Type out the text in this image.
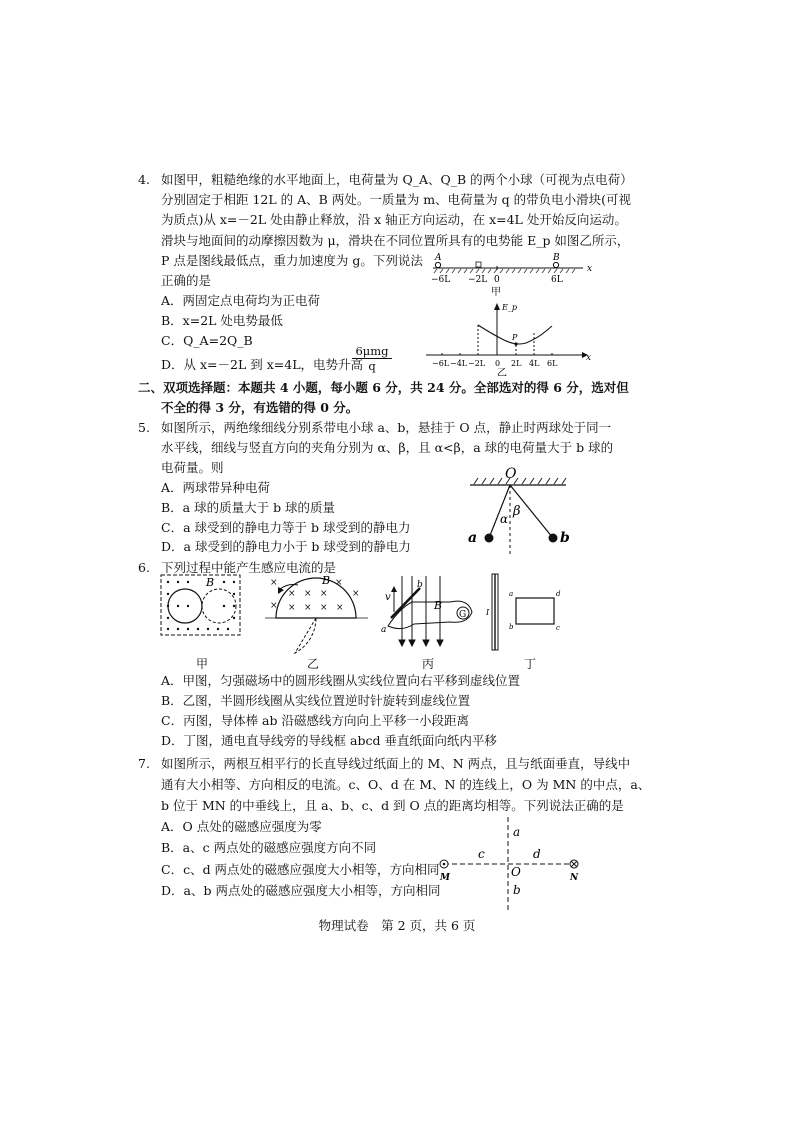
4. 如图甲，粗糙绝缘的水平地面上，电荷量为 Q_A、Q_B 的两个小球（可视为点电荷）
分别固定于相距 12L 的 A、B 两处。一质量为 m、电荷量为 q 的带负电小滑块(可视
为质点)从 x=－2L 处由静止释放，沿 x 轴正方向运动，在 x=4L 处开始反向运动。
滑块与地面间的动摩擦因数为 μ，滑块在不同位置所具有的电势能 E_p 如图乙所示，
P 点是图线最低点，重力加速度为 g。下列说法
正确的是
A．两固定点电荷均为正电荷
B．x=2L 处电势最低
C．Q_A=2Q_B
D．从 x=－2L 到 x=4L，电势升高
6μmg
q
A	B
x
−6L −2L 0	6L
甲
E_p
P
x
−6L −4L −2L 0 2L 4L 6L
乙
二、双项选择题：本题共 4 小题，每小题 6 分，共 24 分。全部选对的得 6 分，选对但
不全的得 3 分，有选错的得 0 分。
5. 如图所示，两绝缘细线分别系带电小球 a、b，悬挂于 O 点，静止时两球处于同一
水平线，细线与竖直方向的夹角分别为 α、β，且 α<β，a 球的电荷量大于 b 球的
电荷量。则
A．两球带异种电荷
B．a 球的质量大于 b 球的质量
C．a 球受到的静电力等于 b 球受到的静电力
D．a 球受到的静电力小于 b 球受到的静电力
O
α β
a	b
6. 下列过程中能产生感应电流的是
B	×
× × ×
×
× × × × ×
×
B
G
v
a
b
B
I
a
b	c
d
甲	乙	丙	丁
A．甲图，匀强磁场中的圆形线圈从实线位置向右平移到虚线位置
B．乙图，半圆形线圈从实线位置逆时针旋转到虚线位置
C．丙图，导体棒 ab 沿磁感线方向向上平移一小段距离
D．丁图，通电直导线旁的导线框 abcd 垂直纸面向纸内平移
7. 如图所示，两根互相平行的长直导线过纸面上的 M、N 两点，且与纸面垂直，导线中
通有大小相等、方向相反的电流。c、O、d 在 M、N 的连线上，O 为 MN 的中点，a、
b 位于 MN 的中垂线上，且 a、b、c、d 到 O 点的距离均相等。下列说法正确的是
A．O 点处的磁感应强度为零
B．a、c 两点处的磁感应强度方向不同
C．c、d 两点处的磁感应强度大小相等，方向相同
D．a、b 两点处的磁感应强度大小相等，方向相同
M	N
O
a
b
c	d
物理试卷　第 2 页，共 6 页
